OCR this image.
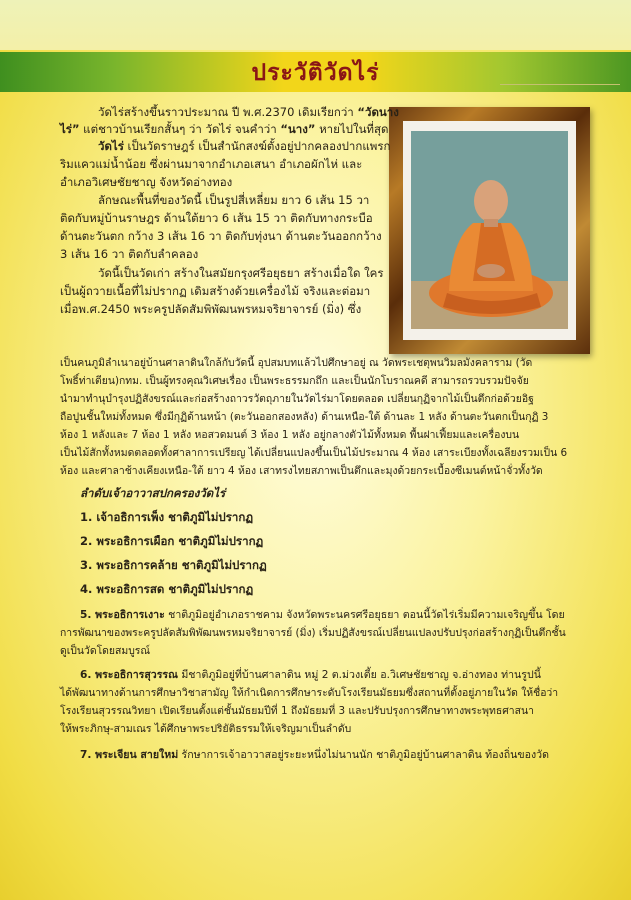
ประวัติวัดไร่
วัดไร่สร้างขึ้นราวประมาณ ปี พ.ศ.2370 เดิมเรียกว่า “วัดนาง
ไร่” แต่ชาวบ้านเรียกสั้นๆ ว่า วัดไร่ จนคำว่า “นาง” หายไปในที่สุด
วัดไร่ เป็นวัดราษฎร์ เป็นสำนักสงฆ์ตั้งอยู่ปากคลองปากแพรก
ริมแควแม่น้ำน้อย ซึ่งผ่านมาจากอำเภอเสนา อำเภอผักไห่ และ
อำเภอวิเศษชัยชาญ จังหวัดอ่างทอง
ลักษณะพื้นที่ของวัดนี้ เป็นรูปสี่เหลี่ยม ยาว 6 เส้น 15 วา
ติดกับหมู่บ้านราษฎร ด้านใต้ยาว 6 เส้น 15 วา ติดกับทางกระบือ
ด้านตะวันตก กว้าง 3 เส้น 16 วา ติดกับทุ่งนา ด้านตะวันออกกว้าง
3 เส้น 16 วา ติดกับลำคลอง
วัดนี้เป็นวัดเก่า สร้างในสมัยกรุงศรีอยุธยา สร้างเมื่อใด ใคร
เป็นผู้ถวายเนื้อที่ไม่ปรากฏ เดิมสร้างด้วยเครื่องไม้ จริงและต่อมา
เมื่อพ.ศ.2450 พระครูปลัดสัมพิพัฒนพรหมจริยาจารย์ (มิ่ง) ซึ่ง
เป็นคนภูมิลำเนาอยู่บ้านศาลาดินใกล้กับวัดนี้ อุปสมบทแล้วไปศึกษาอยู่ ณ วัดพระเชตุพนวิมลมังคลาราม (วัด
โพธิ์ท่าเตียน)กทม. เป็นผู้ทรงคุณวิเศษเรื่อง เป็นพระธรรมกถึก และเป็นนักโบราณคดี สามารถรวบรวมปัจจัย
นำมาทำนุบำรุงปฏิสังขรณ์และก่อสร้างถาวรวัตถุภายในวัดไร่มาโดยตลอด เปลี่ยนกุฏิจากไม้เป็นตึกก่อด้วยอิฐ
ถือปูนชั้นใหม่ทั้งหมด ซึ่งมีกุฏิด้านหน้า (ตะวันออกสองหลัง) ด้านเหนือ-ใต้ ด้านละ 1 หลัง ด้านตะวันตกเป็นกุฏิ 3
ห้อง 1 หลังและ 7 ห้อง 1 หลัง หอสวดมนต์ 3 ห้อง 1 หลัง อยู่กลางตัวไม้ทั้งหมด พื้นฝาเฟี้ยมและเครื่องบน
เป็นไม้สักทั้งหมดตลอดทั้งศาลาการเปรียญ ได้เปลี่ยนแปลงขึ้นเป็นไม้ประมาณ 4 ห้อง เสาระเบียงทั้งเฉลียงรวมเป็น 6
ห้อง และศาลาช้างเคียงเหนือ-ใต้ ยาว 4 ห้อง เสาทรงไทยสภาพเป็นตึกและมุงด้วยกระเบื้องซีเมนต์หน้าจั่วทั้งวัด
ลำดับเจ้าอาวาสปกครองวัดไร่
1. เจ้าอธิการเพ็ง ชาติภูมิไม่ปรากฏ
2. พระอธิการเผือก ชาติภูมิไม่ปรากฏ
3. พระอธิการคล้าย ชาติภูมิไม่ปรากฏ
4. พระอธิการสด ชาติภูมิไม่ปรากฏ
5. พระอธิการเงาะ ชาติภูมิอยู่อำเภอราชคาม จังหวัดพระนครศรีอยุธยา ตอนนี้วัดไร่เริ่มมีความเจริญขึ้น โดย
การพัฒนาของพระครูปลัดสัมพิพัฒนพรหมจริยาจารย์ (มิ่ง) เริ่มปฏิสังขรณ์เปลี่ยนแปลงปรับปรุงก่อสร้างกุฏิเป็นตึกชั้น
ดูเป็นวัดโดยสมบูรณ์
6. พระอธิการสุวรรณ มีชาติภูมิอยู่ที่บ้านศาลาดิน หมู่ 2 ต.ม่วงเตี้ย อ.วิเศษชัยชาญ จ.อ่างทอง ท่านรูปนี้
ได้พัฒนาทางด้านการศึกษาวิชาสามัญ ให้กำเนิดการศึกษาระดับโรงเรียนมัธยมซึ่งสถานที่ตั้งอยู่ภายในวัด ให้ชื่อว่า
โรงเรียนสุวรรณวิทยา เปิดเรียนตั้งแต่ชั้นมัธยมปีที่ 1 ถึงมัธยมที่ 3 และปรับปรุงการศึกษาทางพระพุทธศาสนา
ให้พระภิกษุ-สามเณร ได้ศึกษาพระปริยัติธรรมให้เจริญมาเป็นลำดับ
7. พระเจียน สายใหม่ รักษาการเจ้าอาวาสอยู่ระยะหนึ่งไม่นานนัก ชาติภูมิอยู่บ้านศาลาดิน ท้องถิ่นของวัด
